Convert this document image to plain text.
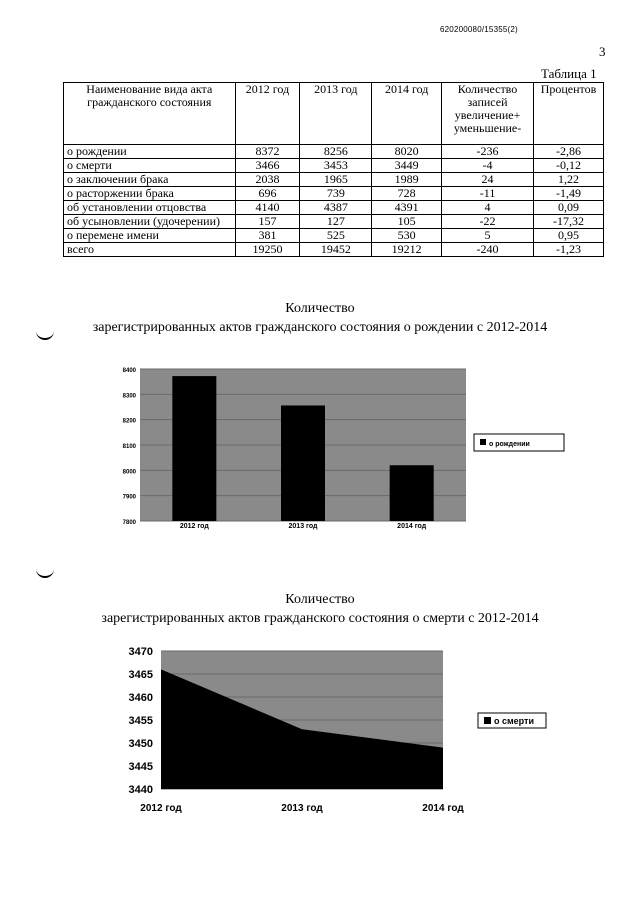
620200080/15355(2)
3
Таблица 1
Наименование вида акта гражданского состояния	2012 год	2013 год	2014 год	Количество записей увеличение+ уменьшение-	Процентов
о рождении	8372	8256	8020	-236	-2,86
о смерти	3466	3453	3449	-4	-0,12
о заключении брака	2038	1965	1989	24	1,22
о расторжении брака	696	739	728	-11	-1,49
об установлении отцовства	4140	4387	4391	4	0,09
об усыновлении (удочерении)	157	127	105	-22	-17,32
о перемене имени	381	525	530	5	0,95
всего	19250	19452	19212	-240	-1,23
Количество
зарегистрированных актов гражданского состояния о рождении с 2012-2014
Количество
зарегистрированных актов гражданского состояния о смерти с 2012-2014
7800
7900
8000
8100
8200
8300
8400
2012 год	2013 год	2014 год
о рождении
3440
3445
3450
3455
3460
3465
3470
2012 год	2013 год	2014 год
о смерти
